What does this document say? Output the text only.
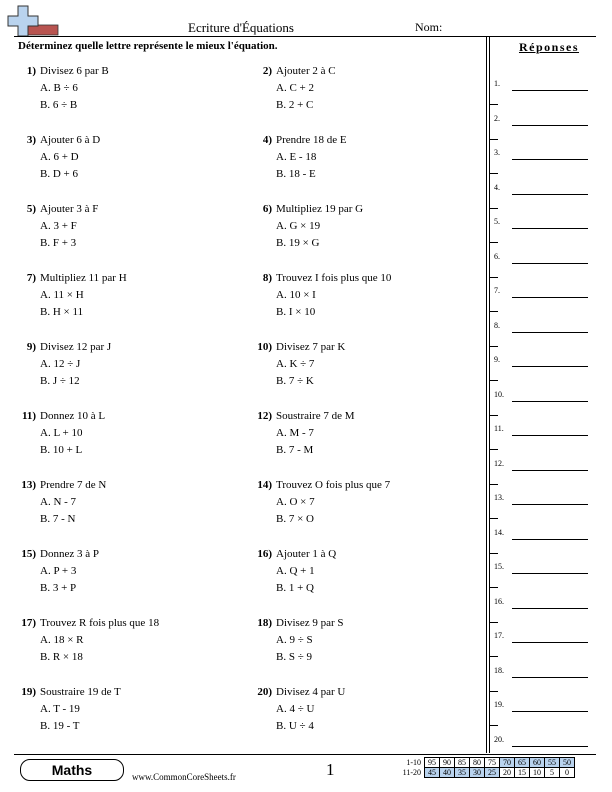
Ecriture d'Équations	Nom:
Déterminez quelle lettre représente le mieux l'équation.	Réponses
1) Divisez 6 par B
A. B ÷ 6
B. 6 ÷ B
2) Ajouter 2 à C
A. C + 2
B. 2 + C
3) Ajouter 6 à D
A. 6 + D
B. D + 6
4) Prendre 18 de E
A. E - 18
B. 18 - E
5) Ajouter 3 à F
A. 3 + F
B. F + 3
6) Multipliez 19 par G
A. G × 19
B. 19 × G
7) Multipliez 11 par H
A. 11 × H
B. H × 11
8) Trouvez I fois plus que 10
A. 10 × I
B. I × 10
9) Divisez 12 par J
A. 12 ÷ J
B. J ÷ 12
10) Divisez 7 par K
A. K ÷ 7
B. 7 ÷ K
11) Donnez 10 à L
A. L + 10
B. 10 + L
12) Soustraire 7 de M
A. M - 7
B. 7 - M
13) Prendre 7 de N
A. N - 7
B. 7 - N
14) Trouvez O fois plus que 7
A. O × 7
B. 7 × O
15) Donnez 3 à P
A. P + 3
B. 3 + P
16) Ajouter 1 à Q
A. Q + 1
B. 1 + Q
17) Trouvez R fois plus que 18
A. 18 × R
B. R × 18
18) Divisez 9 par S
A. 9 ÷ S
B. S ÷ 9
19) Soustraire 19 de T
A. T - 19
B. 19 - T
20) Divisez 4 par U
A. 4 ÷ U
B. U ÷ 4
1.
2.
3.
4.
5.
6.
7.
8.
9.
10.
11.
12.
13.
14.
15.
16.
17.
18.
19.
20.
Maths	www.CommonCoreSheets.fr	1	1-10	95	90	85	80	75	70	65	60	55	50
11-20	45	40	35	30	25	20	15	10	5	0
